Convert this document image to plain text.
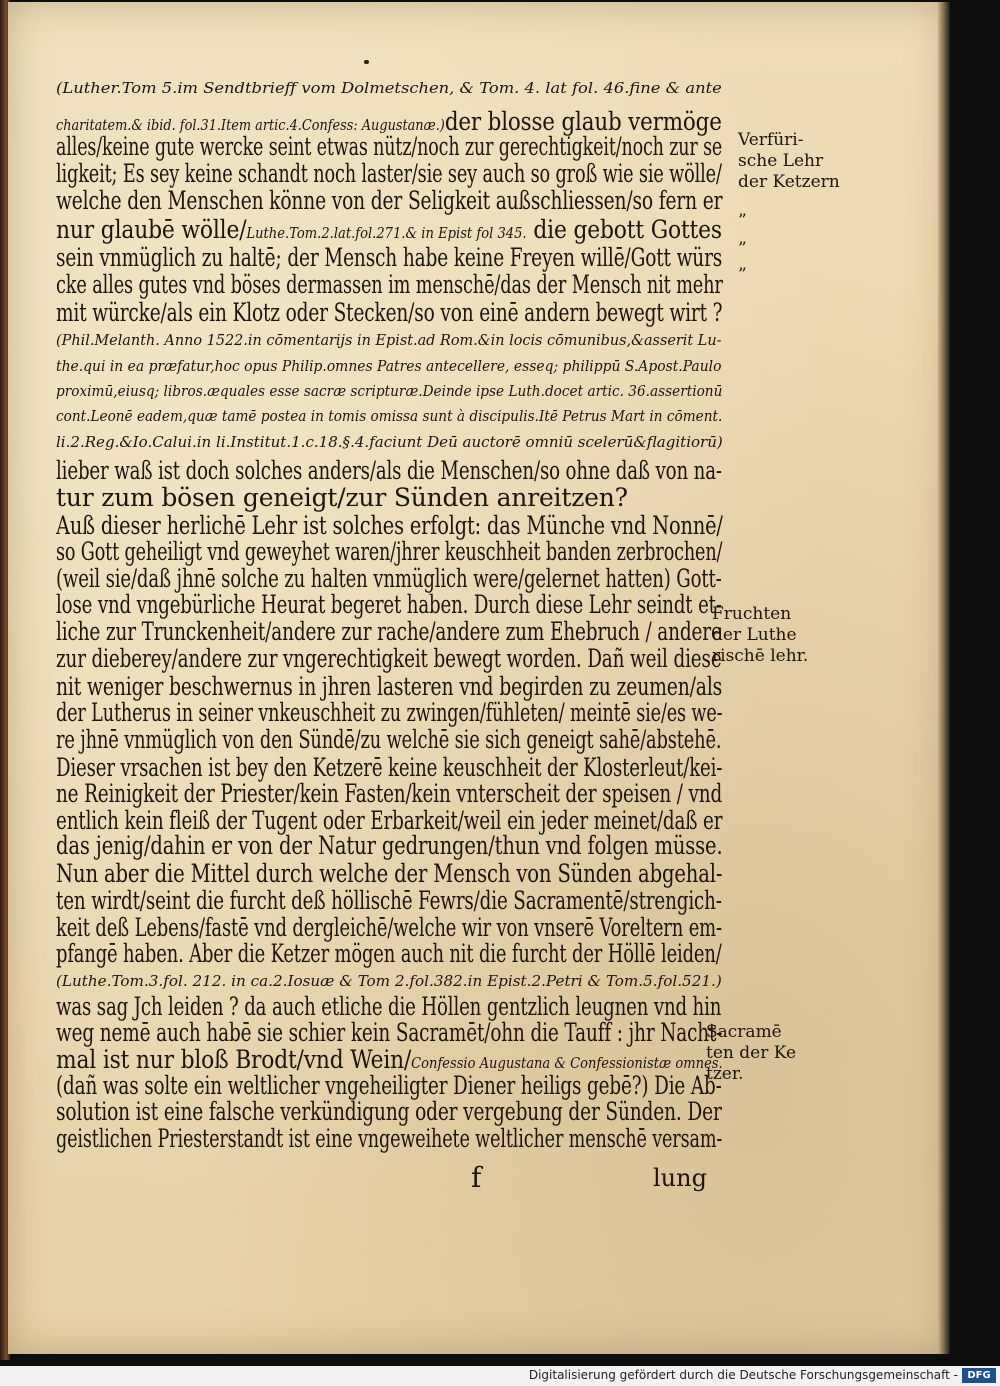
(Luther.Tom 5.im Sendtbrieff vom Dolmetschen, & Tom. 4. lat fol. 46.fine & ante
charitatem.& ibid. fol.31.Item artic.4.Confess: Augustanæ.)der blosse glaub vermöge
alles/keine gute wercke seint etwas nütz/noch zur gerechtigkeit/noch zur se
ligkeit; Es sey keine schandt noch laster/sie sey auch so groß wie sie wölle/
welche den Menschen könne von der Seligkeit außschliessen/so fern er
nur glaubē wölle/Luthe.Tom.2.lat.fol.271.& in Epist fol 345. die gebott Gottes
sein vnmüglich zu haltē; der Mensch habe keine Freyen willē/Gott würs
cke alles gutes vnd böses dermassen im menschē/das der Mensch nit mehr
mit würcke/als ein Klotz oder Stecken/so von einē andern bewegt wirt ?
(Phil.Melanth. Anno 1522.in cōmentarijs in Epist.ad Rom.&in locis cōmunibus,&asserit Lu-
the.qui in ea præfatur,hoc opus Philip.omnes Patres antecellere, esseq; philippū S.Apost.Paulo
proximū,eiusq; libros.æquales esse sacræ scripturæ.Deinde ipse Luth.docet artic. 36.assertionū
cont.Leonē eadem,quæ tamē postea in tomis omissa sunt à discipulis.Itē Petrus Mart in cōment.
li.2.Reg.&Io.Calui.in li.Institut.1.c.18.§.4.faciunt Deū auctorē omniū scelerū&flagitiorū)
lieber waß ist doch solches anders/als die Menschen/so ohne daß von na-
tur zum bösen geneigt/zur Sünden anreitzen?
Auß dieser herlichē Lehr ist solches erfolgt: das Münche vnd Nonnē/
so Gott geheiligt vnd geweyhet waren/jhrer keuschheit banden zerbrochen/
(weil sie/daß jhnē solche zu halten vnmüglich were/gelernet hatten) Gott-
lose vnd vngebürliche Heurat begeret haben. Durch diese Lehr seindt et-
liche zur Trunckenheit/andere zur rache/andere zum Ehebruch / andere
zur dieberey/andere zur vngerechtigkeit bewegt worden. Dañ weil diese
nit weniger beschwernus in jhren lasteren vnd begirden zu zeumen/als
der Lutherus in seiner vnkeuschheit zu zwingen/fühleten/ meintē sie/es we-
re jhnē vnmüglich von den Sündē/zu welchē sie sich geneigt sahē/abstehē.
Dieser vrsachen ist bey den Ketzerē keine keuschheit der Klosterleut/kei-
ne Reinigkeit der Priester/kein Fasten/kein vnterscheit der speisen / vnd
entlich kein fleiß der Tugent oder Erbarkeit/weil ein jeder meinet/daß er
das jenig/dahin er von der Natur gedrungen/thun vnd folgen müsse.
Nun aber die Mittel durch welche der Mensch von Sünden abgehal-
ten wirdt/seint die furcht deß höllischē Fewrs/die Sacramentē/strengich-
keit deß Lebens/fastē vnd dergleichē/welche wir von vnserē Voreltern em-
pfangē haben. Aber die Ketzer mögen auch nit die furcht der Höllē leiden/
(Luthe.Tom.3.fol. 212. in ca.2.Iosuæ & Tom 2.fol.382.in Epist.2.Petri & Tom.5.fol.521.)
was sag Jch leiden ? da auch etliche die Höllen gentzlich leugnen vnd hin
weg nemē auch habē sie schier kein Sacramēt/ohn die Tauff : jhr Nacht-
mal ist nur bloß Brodt/vnd Wein/Confessio Augustana & Confessionistæ omnes.
(dañ was solte ein weltlicher vngeheiligter Diener heiligs gebē?) Die Ab-
solution ist eine falsche verkündigung oder vergebung der Sünden. Der
geistlichen Priesterstandt ist eine vngeweihete weltlicher menschē versam-
Verfüri-
sche Lehr
der Ketzern
”
”
”
Fruchten
der Luthe
rischē lehr.
Sacramē
ten der Ke
tzer.
f	lung
Digitalisierung gefördert durch die Deutsche Forschungsgemeinschaft - DFG
